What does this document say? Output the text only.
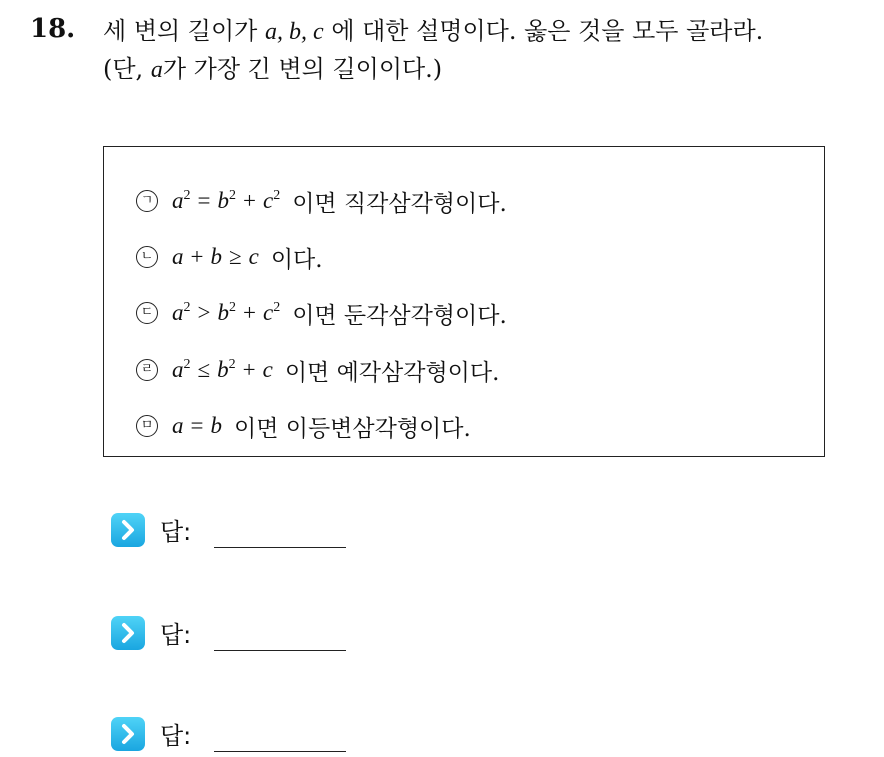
18. 세 변의 길이가 a, b, c 에 대한 설명이다. 옳은 것을 모두 골라라.
(단, a가 가장 긴 변의 길이이다.)
ㄱ $a^2 = b^2 + c^2$ 이면 직각삼각형이다.
ㄴ a + b ≥ c 이다.
ㄷ $a^2 > b^2 + c^2$ 이면 둔각삼각형이다.
ㄹ $a^2 \le b^2 + c$ 이면 예각삼각형이다.
ㅁ a = b 이면 이등변삼각형이다.
답:
답:
답:
